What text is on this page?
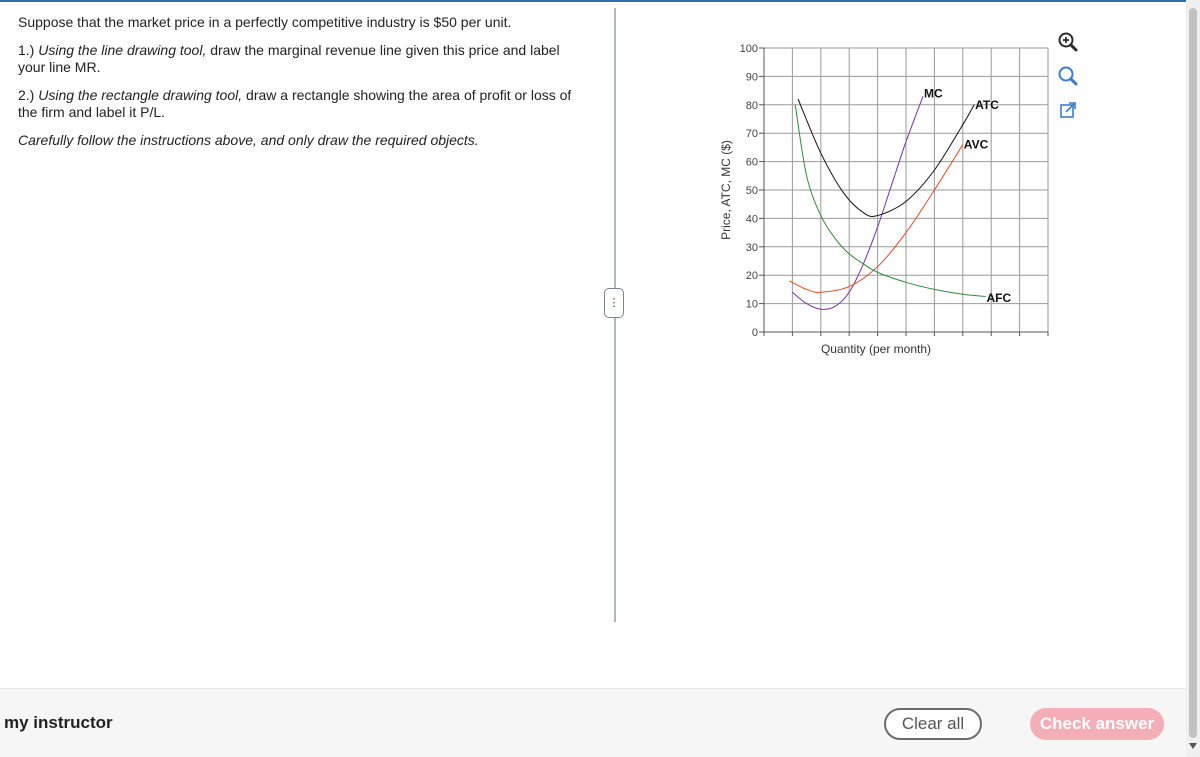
Suppose that the market price in a perfectly competitive industry is $50 per unit.

1.) Using the line drawing tool, draw the marginal revenue line given this price and label your line MR.

2.) Using the rectangle drawing tool, draw a rectangle showing the area of profit or loss of the firm and label it P/L.

Carefully follow the instructions above, and only draw the required objects.

⋮
0
10
20
30
40
50
60
70
80
90
100
Quantity (per month)
Price, ATC, MC ($)
MC
ATC
AVC
AFC
my instructor	Clear all	Check answer
